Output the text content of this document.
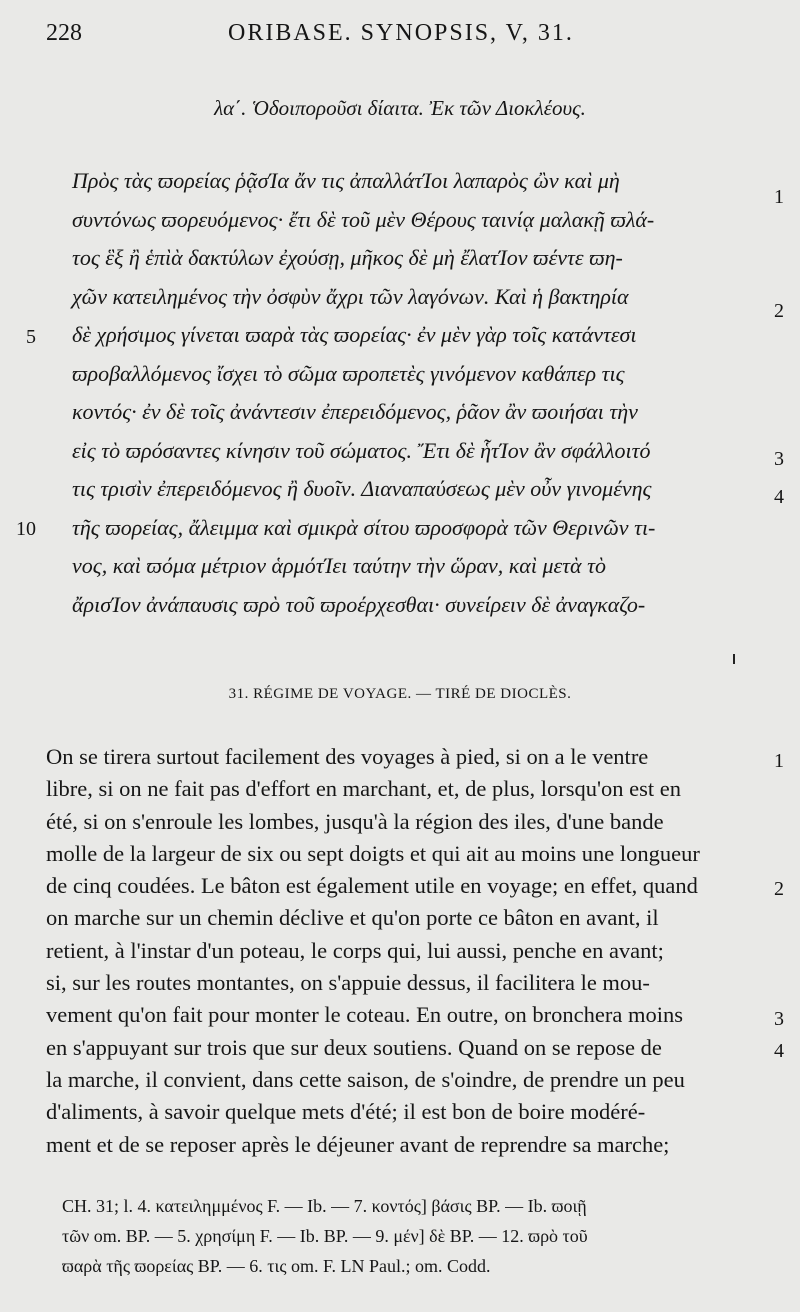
228	ORIBASE. SYNOPSIS, V, 31.
λα΄. Ὁδοιποροῦσι δίαιτα. Ἐκ τῶν Διοκλέους.
Πρὸς τὰς ϖορείας ῥᾷσΊα ἄν τις ἀπαλλάτΊοι λαπαρὸς ὢν καὶ μὴ
συντόνως ϖορευόμενος· ἔτι δὲ τοῦ μὲν Θέρους ταινίᾳ μαλακῇ ϖλά-
τος ἓξ ἢ ἑπὶὰ δακτύλων ἐχούσῃ, μῆκος δὲ μὴ ἔλατΊον ϖέντε ϖη-
χῶν κατειλημένος τὴν ὀσφὺν ἄχρι τῶν λαγόνων. Καὶ ἡ βακτηρία
δὲ χρήσιμος γίνεται ϖαρὰ τὰς ϖορείας· ἐν μὲν γὰρ τοῖς κατάντεσι
ϖροβαλλόμενος ἴσχει τὸ σῶμα ϖροπετὲς γινόμενον καθάπερ τις
κοντός· ἐν δὲ τοῖς ἀνάντεσιν ἐπερειδόμενος, ῥᾶον ἂν ϖοιήσαι τὴν
εἰς τὸ ϖρόσαντες κίνησιν τοῦ σώματος. Ἔτι δὲ ἧτΊον ἂν σφάλλοιτό
τις τρισὶν ἐπερειδόμενος ἢ δυοῖν. Διαναπαύσεως μὲν οὖν γινομένης
τῆς ϖορείας, ἄλειμμα καὶ σμικρὰ σίτου ϖροσφορὰ τῶν Θερινῶν τι-
νος, καὶ ϖόμα μέτριον ἁρμότΊει ταύτην τὴν ὥραν, καὶ μετὰ τὸ
ἄρισΊον ἀνάπαυσις ϖρὸ τοῦ ϖροέρχεσθαι· συνείρειν δὲ ἀναγκαζο-
5
10
1
2
3
4
31. RÉGIME DE VOYAGE. — TIRÉ DE DIOCLÈS.
On se tirera surtout facilement des voyages à pied, si on a le ventre
libre, si on ne fait pas d'effort en marchant, et, de plus, lorsqu'on est en
été, si on s'enroule les lombes, jusqu'à la région des iles, d'une bande
molle de la largeur de six ou sept doigts et qui ait au moins une longueur
de cinq coudées. Le bâton est également utile en voyage; en effet, quand
on marche sur un chemin déclive et qu'on porte ce bâton en avant, il
retient, à l'instar d'un poteau, le corps qui, lui aussi, penche en avant;
si, sur les routes montantes, on s'appuie dessus, il facilitera le mou-
vement qu'on fait pour monter le coteau. En outre, on bronchera moins
en s'appuyant sur trois que sur deux soutiens. Quand on se repose de
la marche, il convient, dans cette saison, de s'oindre, de prendre un peu
d'aliments, à savoir quelque mets d'été; il est bon de boire modéré-
ment et de se reposer après le déjeuner avant de reprendre sa marche;
1
2
3
4
CH. 31; l. 4. κατειλημμένος F. — Ib. — 7. κοντός] βάσις BP. — Ib. ϖοιῇ
τῶν om. BP. — 5. χρησίμη F. — Ib. BP. — 9. μέν] δὲ BP. — 12. ϖρὸ τοῦ
ϖαρὰ τῆς ϖορείας BP. — 6. τις om. F. LN Paul.; om. Codd.
